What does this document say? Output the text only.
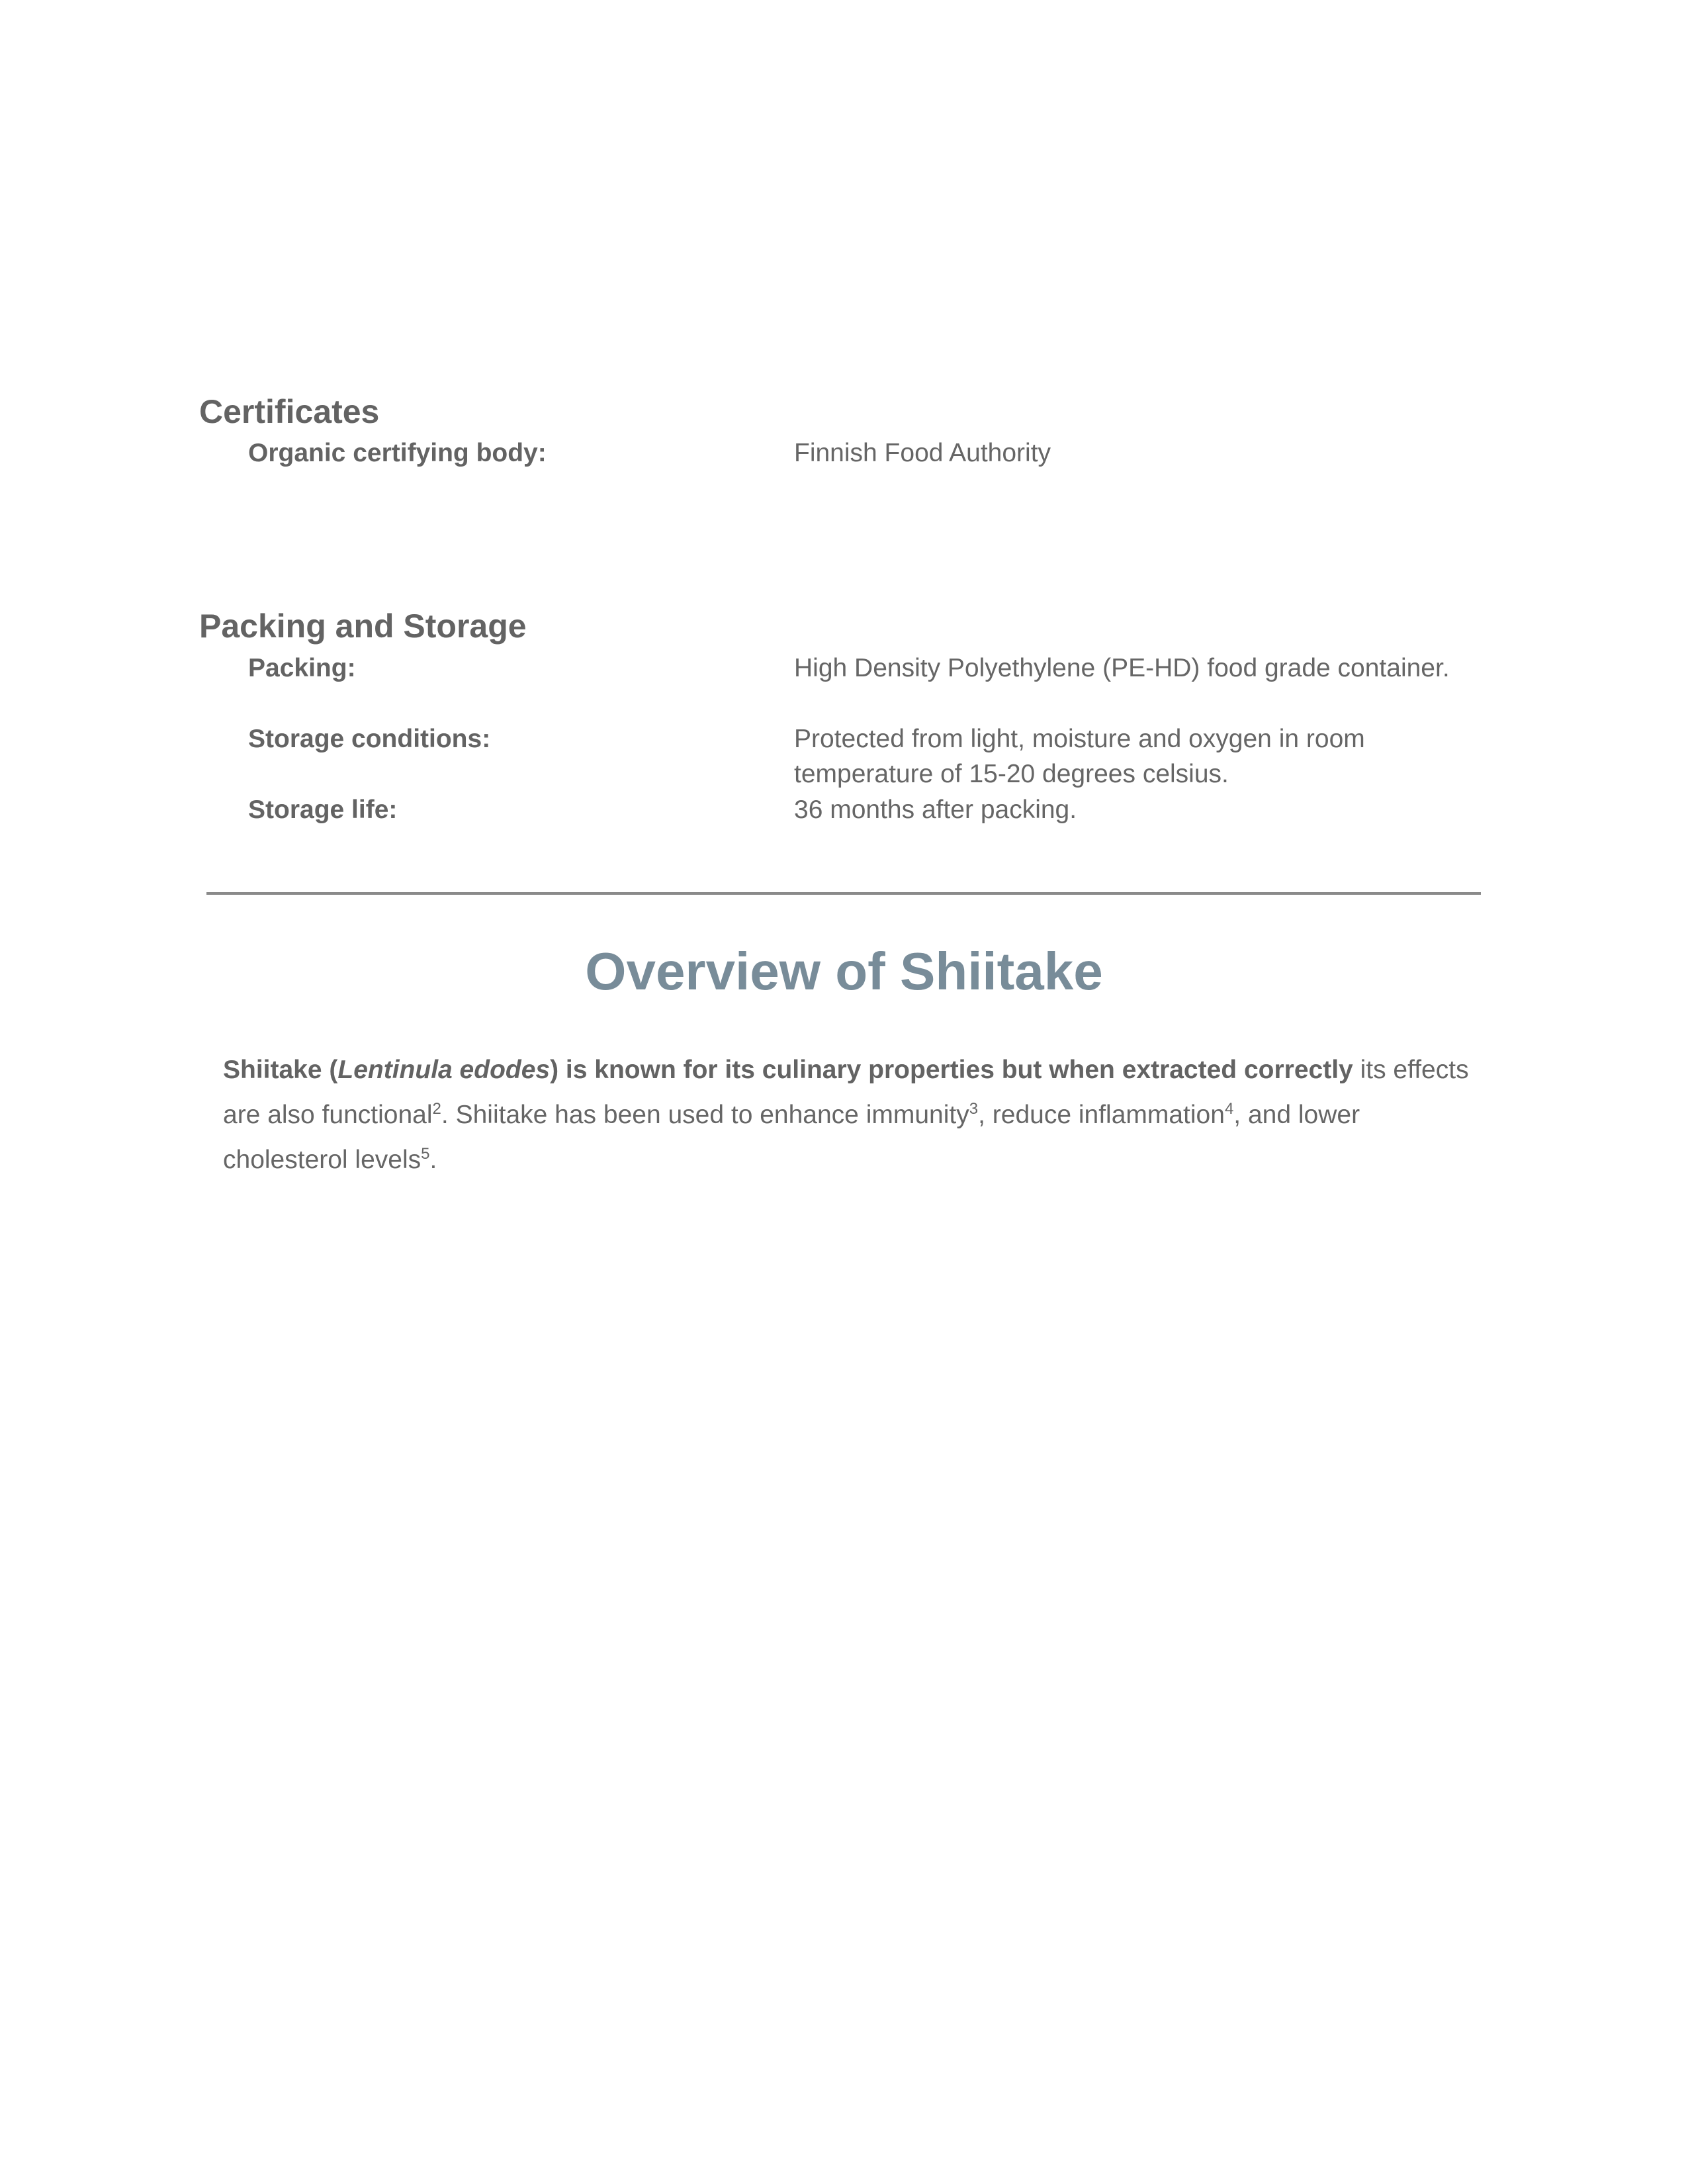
Certificates
Organic certifying body:	Finnish Food Authority
Packing and Storage
Packing:	High Density Polyethylene (PE-HD) food grade container.
Storage conditions:	Protected from light, moisture and oxygen in room temperature of 15-20 degrees celsius.
Storage life:	36 months after packing.
Overview of Shiitake

Shiitake (Lentinula edodes) is known for its culinary properties but when extracted correctly its effects are also functional$^2$. Shiitake has been used to enhance immunity$^3$, reduce inflammation$^4$, and lower cholesterol levels$^5$.
